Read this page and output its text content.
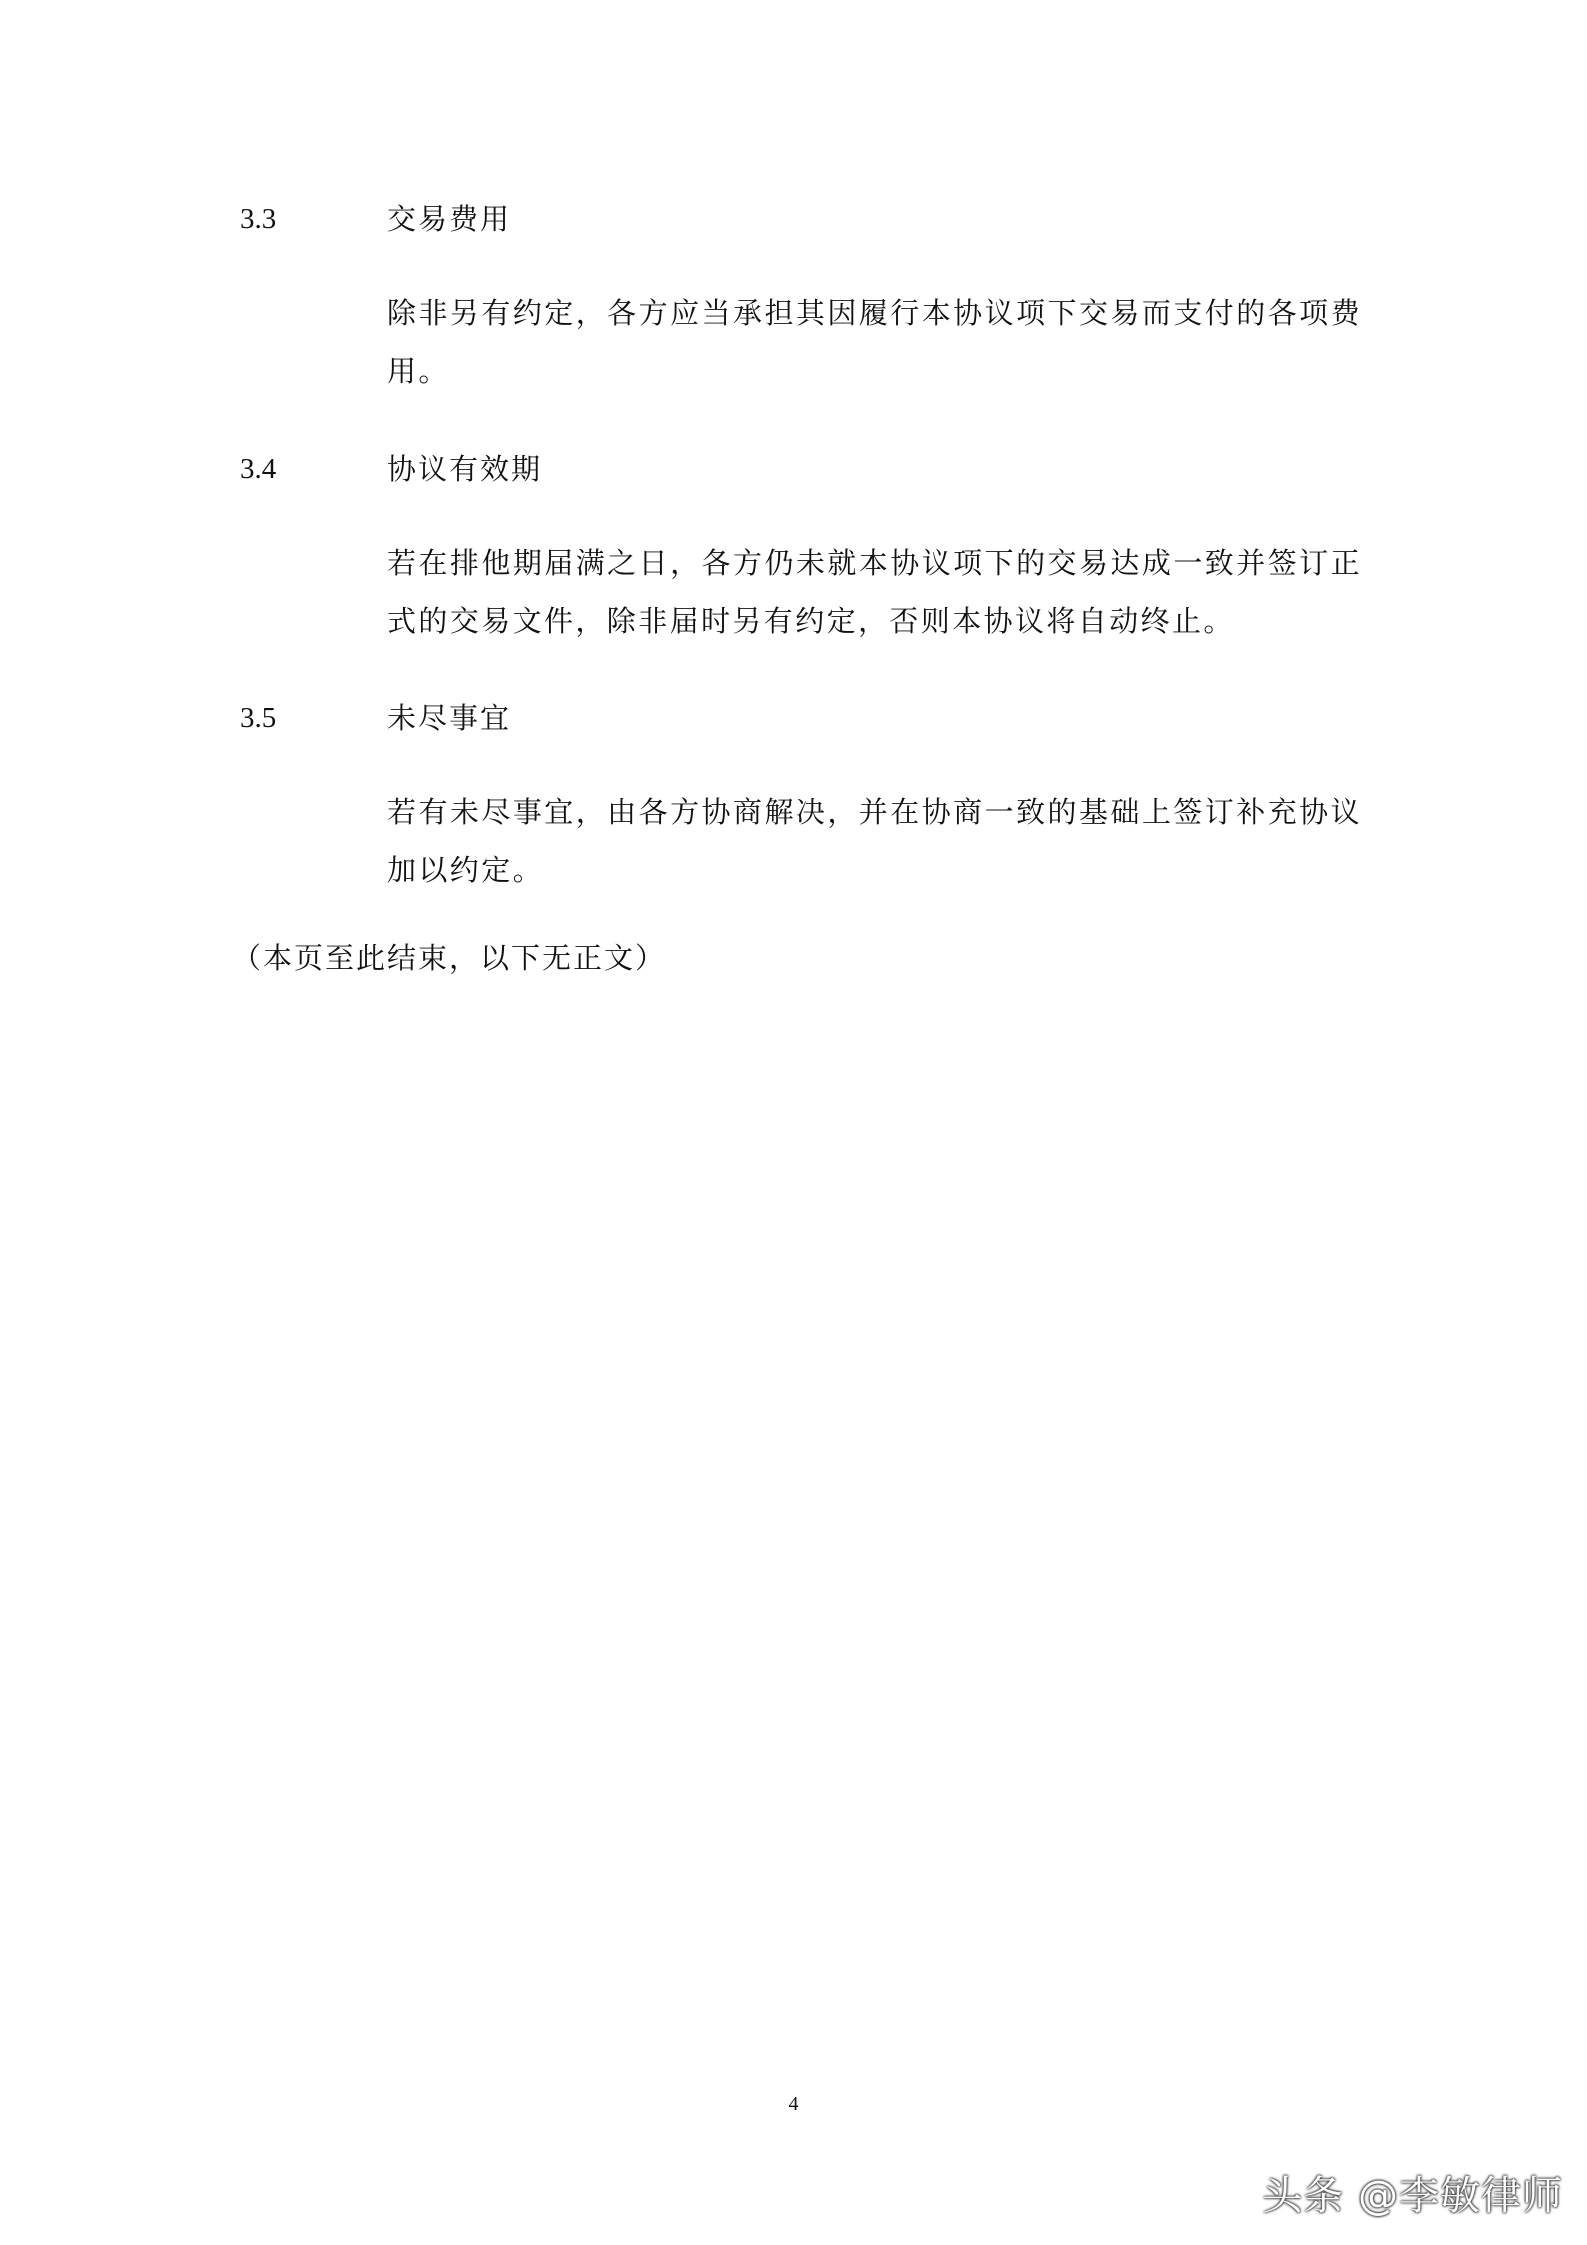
3.3	交易费用
除非另有约定，各方应当承担其因履行本协议项下交易而支付的各项费用。
3.4	协议有效期
若在排他期届满之日，各方仍未就本协议项下的交易达成一致并签订正式的交易文件，除非届时另有约定，否则本协议将自动终止。
3.5	未尽事宜
若有未尽事宜，由各方协商解决，并在协商一致的基础上签订补充协议加以约定。
（本页至此结束，以下无正文）
4
头条 @李敏律师
